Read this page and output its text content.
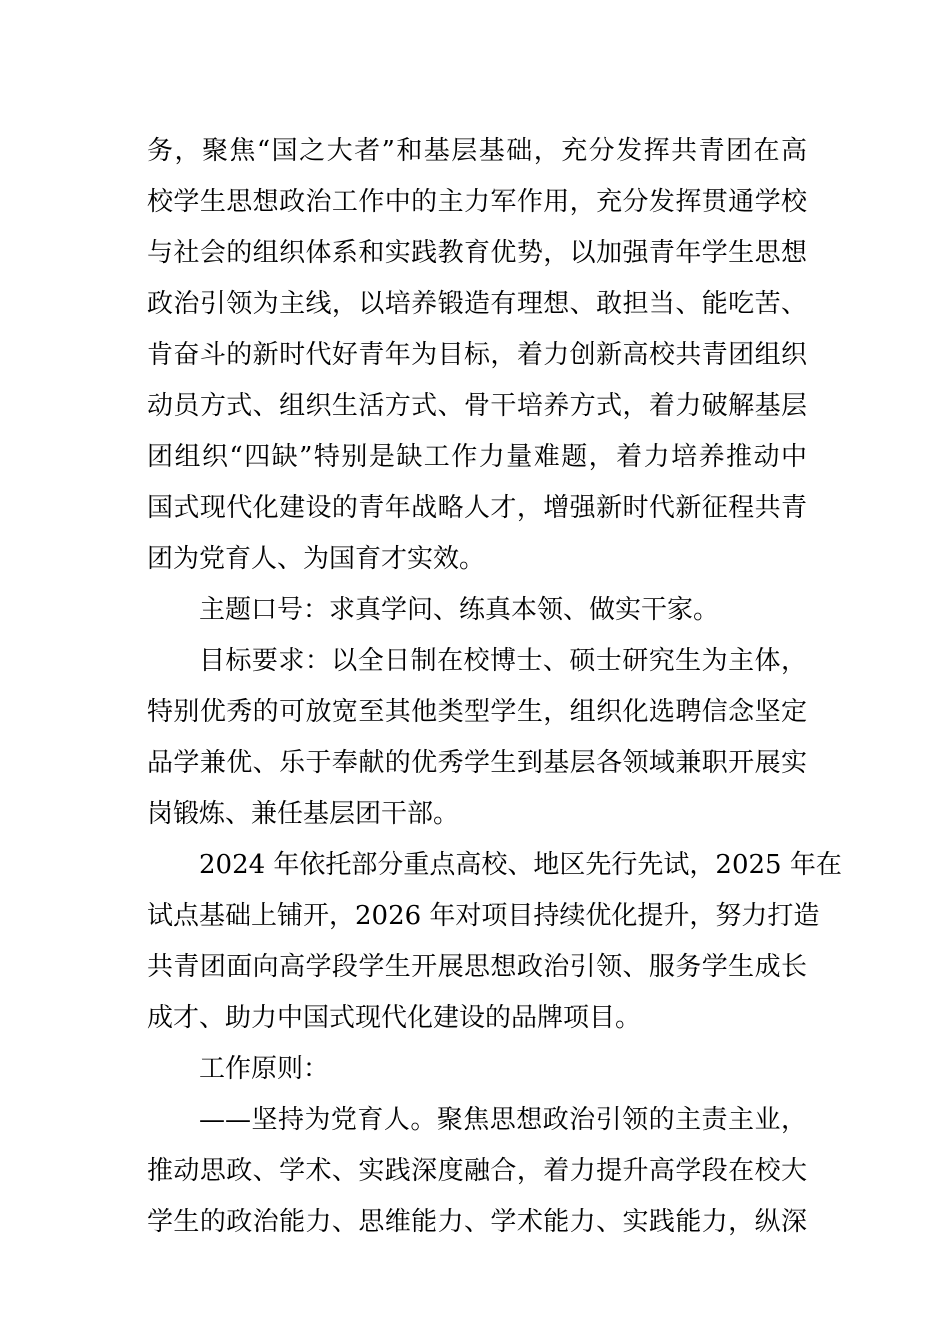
务，聚焦“国之大者”和基层基础，充分发挥共青团在高
校学生思想政治工作中的主力军作用，充分发挥贯通学校
与社会的组织体系和实践教育优势，以加强青年学生思想
政治引领为主线，以培养锻造有理想、敢担当、能吃苦、
肯奋斗的新时代好青年为目标，着力创新高校共青团组织
动员方式、组织生活方式、骨干培养方式，着力破解基层
团组织“四缺”特别是缺工作力量难题，着力培养推动中
国式现代化建设的青年战略人才，增强新时代新征程共青
团为党育人、为国育才实效。
主题口号：求真学问、练真本领、做实干家。
目标要求：以全日制在校博士、硕士研究生为主体，
特别优秀的可放宽至其他类型学生，组织化选聘信念坚定
品学兼优、乐于奉献的优秀学生到基层各领域兼职开展实
岗锻炼、兼任基层团干部。
2024 年依托部分重点高校、地区先行先试，2025 年在
试点基础上铺开，2026 年对项目持续优化提升，努力打造
共青团面向高学段学生开展思想政治引领、服务学生成长
成才、助力中国式现代化建设的品牌项目。
工作原则：
——坚持为党育人。聚焦思想政治引领的主责主业，
推动思政、学术、实践深度融合，着力提升高学段在校大
学生的政治能力、思维能力、学术能力、实践能力，纵深
